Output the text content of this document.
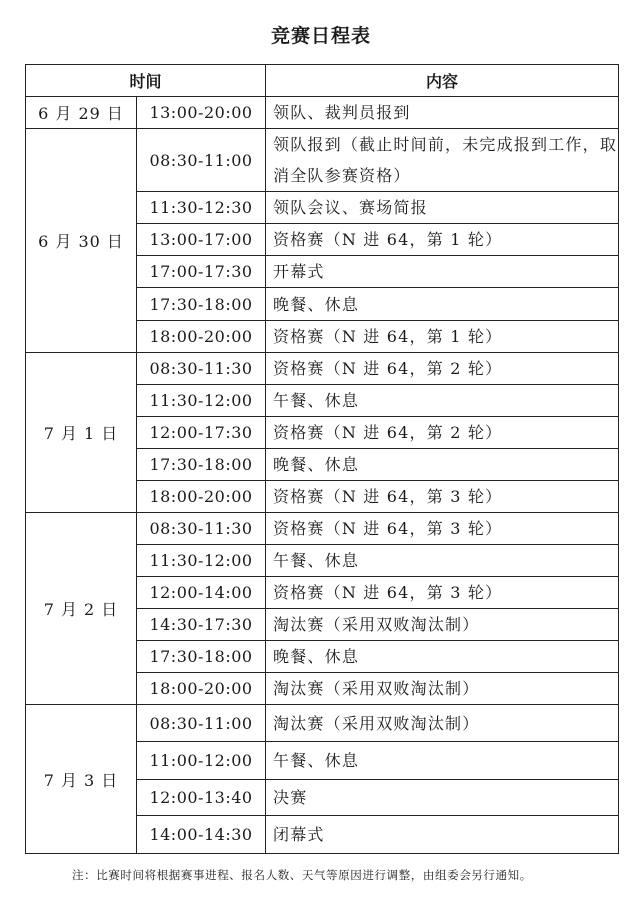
竞赛日程表
时间		内容
6 月 29 日	13:00-20:00	领队、裁判员报到
6 月 30 日	08:30-11:00	领队报到（截止时间前，未完成报到工作，取消全队参赛资格）
	11:30-12:30	领队会议、赛场简报
	13:00-17:00	资格赛（N 进 64，第 1 轮）
	17:00-17:30	开幕式
	17:30-18:00	晚餐、休息
	18:00-20:00	资格赛（N 进 64，第 1 轮）
7 月 1 日	08:30-11:30	资格赛（N 进 64，第 2 轮）
	11:30-12:00	午餐、休息
	12:00-17:30	资格赛（N 进 64，第 2 轮）
	17:30-18:00	晚餐、休息
	18:00-20:00	资格赛（N 进 64，第 3 轮）
7 月 2 日	08:30-11:30	资格赛（N 进 64，第 3 轮）
	11:30-12:00	午餐、休息
	12:00-14:00	资格赛（N 进 64，第 3 轮）
	14:30-17:30	淘汰赛（采用双败淘汰制）
	17:30-18:00	晚餐、休息
	18:00-20:00	淘汰赛（采用双败淘汰制）
7 月 3 日	08:30-11:00	淘汰赛（采用双败淘汰制）
	11:00-12:00	午餐、休息
	12:00-13:40	决赛
	14:00-14:30	闭幕式
注：比赛时间将根据赛事进程、报名人数、天气等原因进行调整，由组委会另行通知。
